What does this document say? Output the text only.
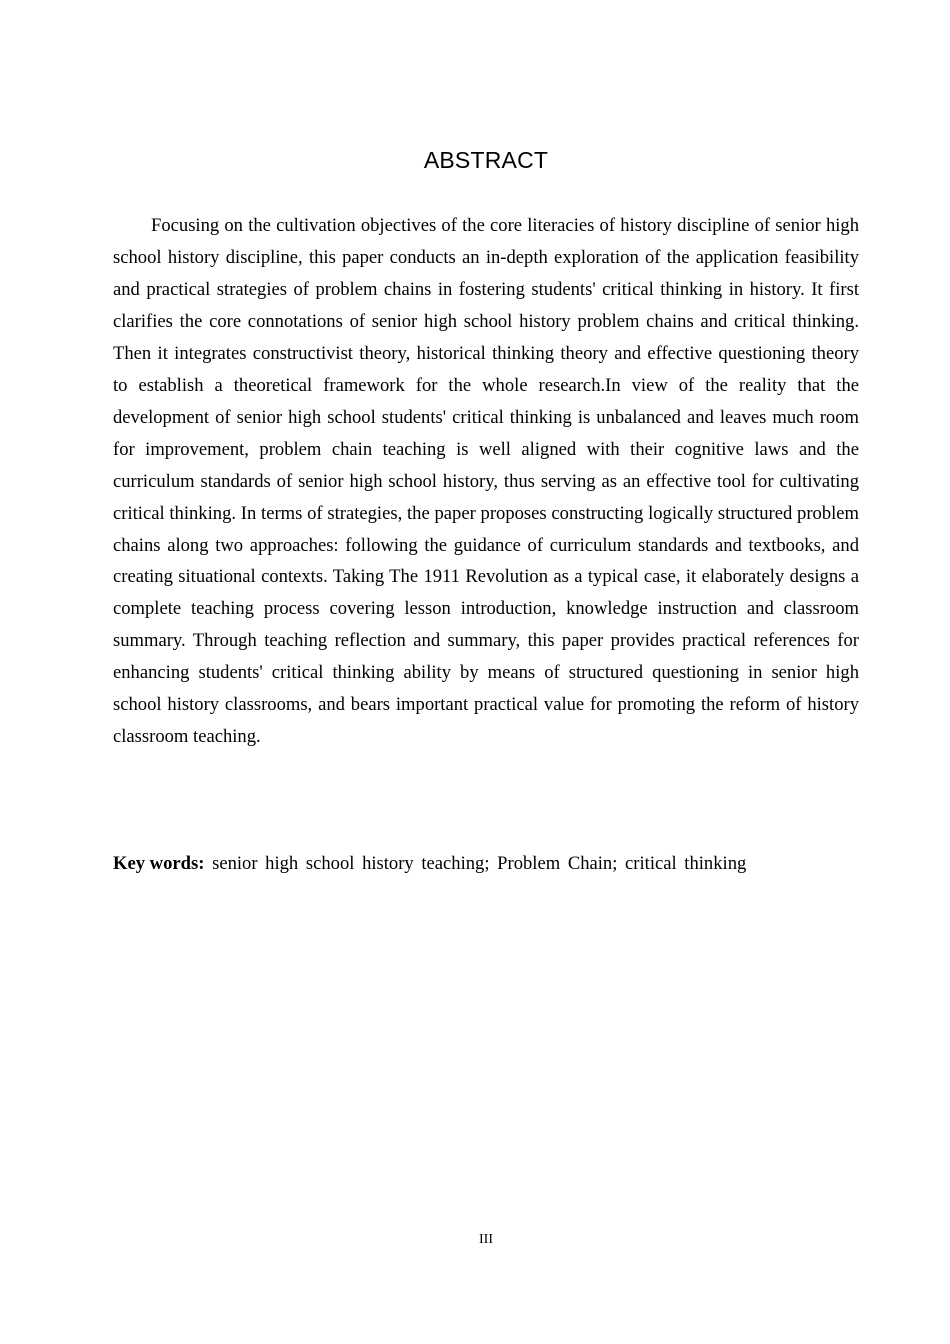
ABSTRACT

Focusing on the cultivation objectives of the core literacies of history discipline of senior high school history discipline, this paper conducts an in-depth exploration of the application feasibility and practical strategies of problem chains in fostering students' critical thinking in history. It first clarifies the core connotations of senior high school history problem chains and critical thinking. Then it integrates constructivist theory, historical thinking theory and effective questioning theory to establish a theoretical framework for the whole research.In view of the reality that the development of senior high school students' critical thinking is unbalanced and leaves much room for improvement, problem chain teaching is well aligned with their cognitive laws and the curriculum standards of senior high school history, thus serving as an effective tool for cultivating critical thinking. In terms of strategies, the paper proposes constructing logically structured problem chains along two approaches: following the guidance of curriculum standards and textbooks, and creating situational contexts. Taking The 1911 Revolution as a typical case, it elaborately designs a complete teaching process covering lesson introduction, knowledge instruction and classroom summary. Through teaching reflection and summary, this paper provides practical references for enhancing students' critical thinking ability by means of structured questioning in senior high school history classrooms, and bears important practical value for promoting the reform of history classroom teaching.

Key words: senior high school history teaching; Problem Chain; critical thinking

III
